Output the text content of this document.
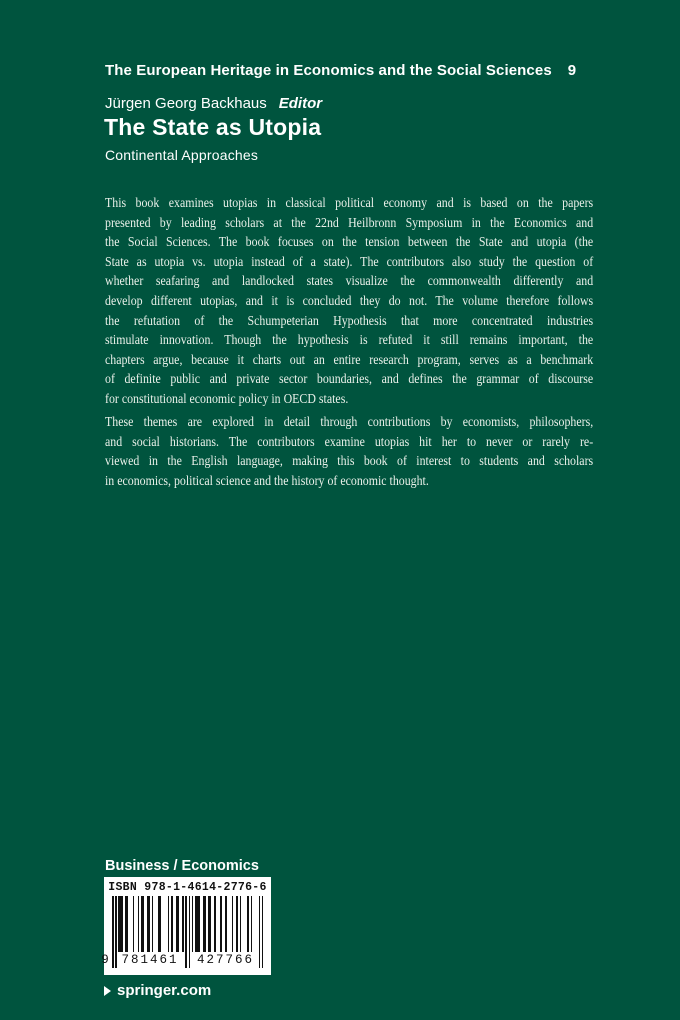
The European Heritage in Economics and the Social Sciences 9
Jürgen Georg Backhaus Editor
The State as Utopia
Continental Approaches
This book examines utopias in classical political economy and is based on the papers
presented by leading scholars at the 22nd Heilbronn Symposium in the Economics and
the Social Sciences. The book focuses on the tension between the State and utopia (the
State as utopia vs. utopia instead of a state). The contributors also study the question of
whether seafaring and landlocked states visualize the commonwealth differently and
develop different utopias, and it is concluded they do not. The volume therefore follows
the refutation of the Schumpeterian Hypothesis that more concentrated industries
stimulate innovation. Though the hypothesis is refuted it still remains important, the
chapters argue, because it charts out an entire research program, serves as a benchmark
of definite public and private sector boundaries, and defines the grammar of discourse
for constitutional economic policy in OECD states.
These themes are explored in detail through contributions by economists, philosophers,
and social historians. The contributors examine utopias hit her to never or rarely re-
viewed in the English language, making this book of interest to students and scholars
in economics, political science and the history of economic thought.
Business / Economics
ISBN 978-1-4614-2776-6
9	781461	427766
springer.com
